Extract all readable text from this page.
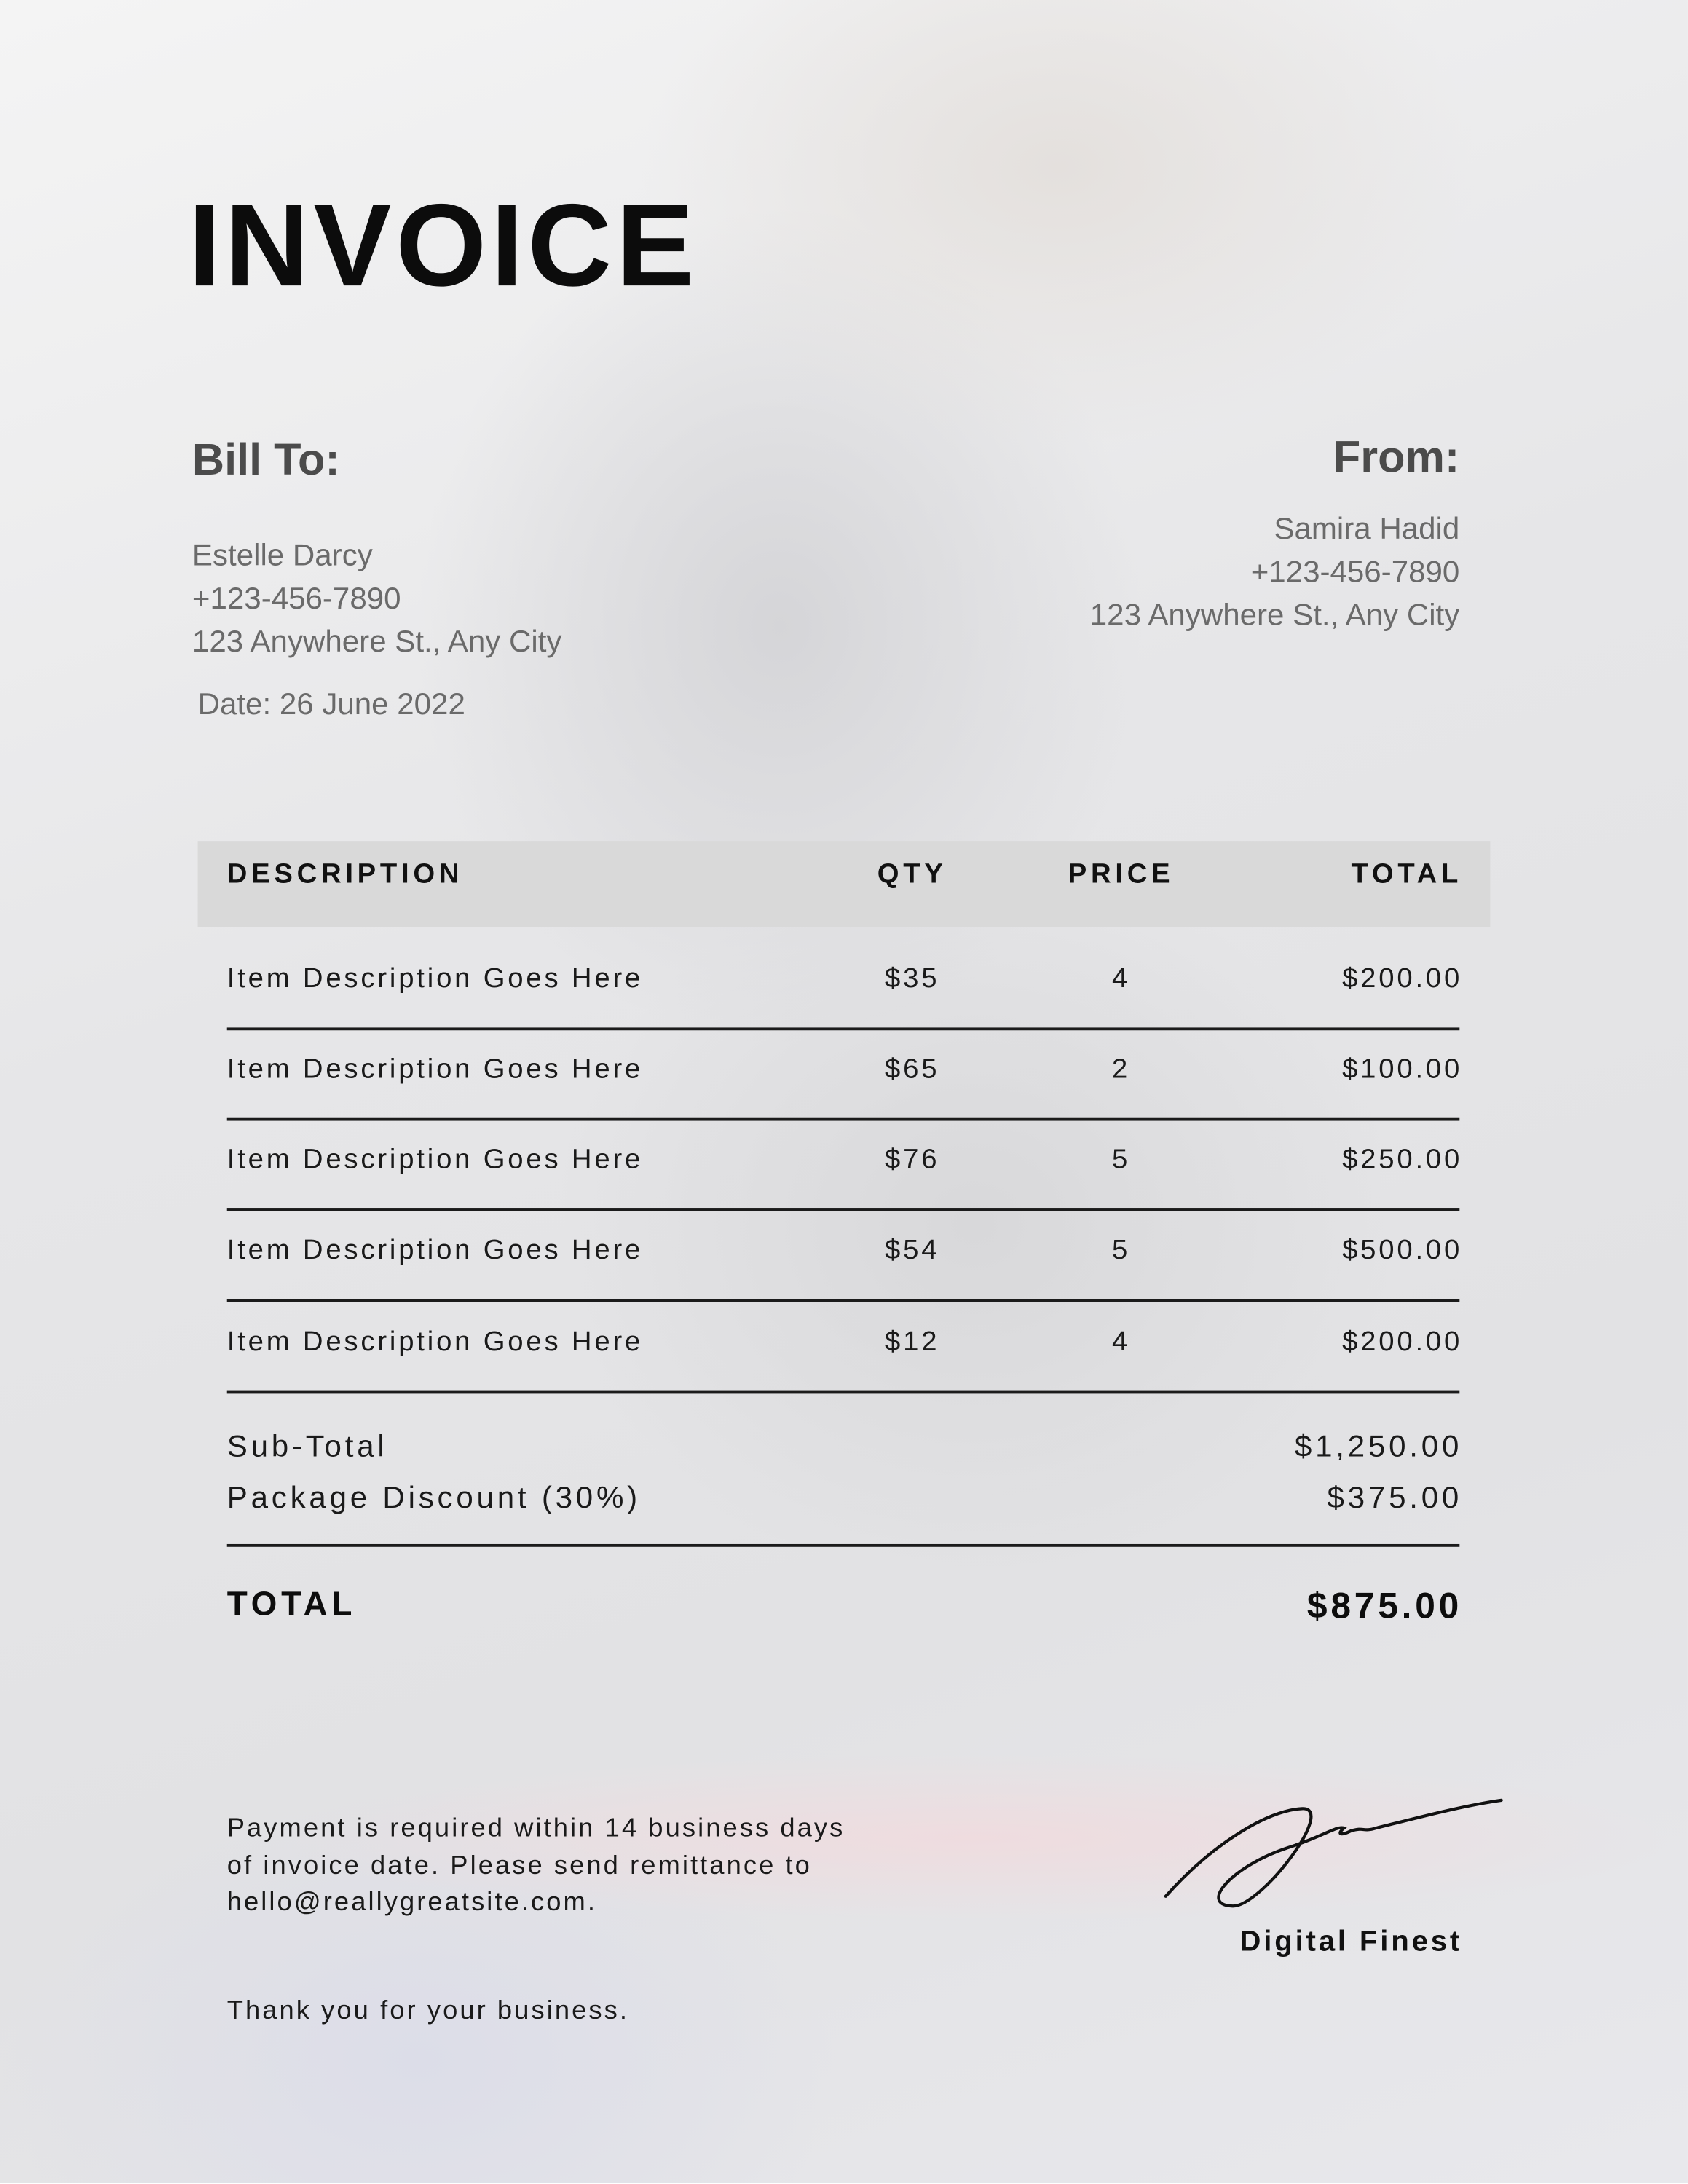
INVOICE
Bill To:
Estelle Darcy
+123-456-7890
123 Anywhere St., Any City
Date: 26 June 2022
From:
Samira Hadid
+123-456-7890
123 Anywhere St., Any City
DESCRIPTION	QTY	PRICE	TOTAL
Item Description Goes Here	$35	4	$200.00
Item Description Goes Here	$65	2	$100.00
Item Description Goes Here	$76	5	$250.00
Item Description Goes Here	$54	5	$500.00
Item Description Goes Here	$12	4	$200.00
Sub-Total	$1,250.00
Package Discount (30%)	$375.00
TOTAL	$875.00
Payment is required within 14 business days of invoice date. Please send remittance to hello@reallygreatsite.com.
Thank you for your business.
Digital Finest
